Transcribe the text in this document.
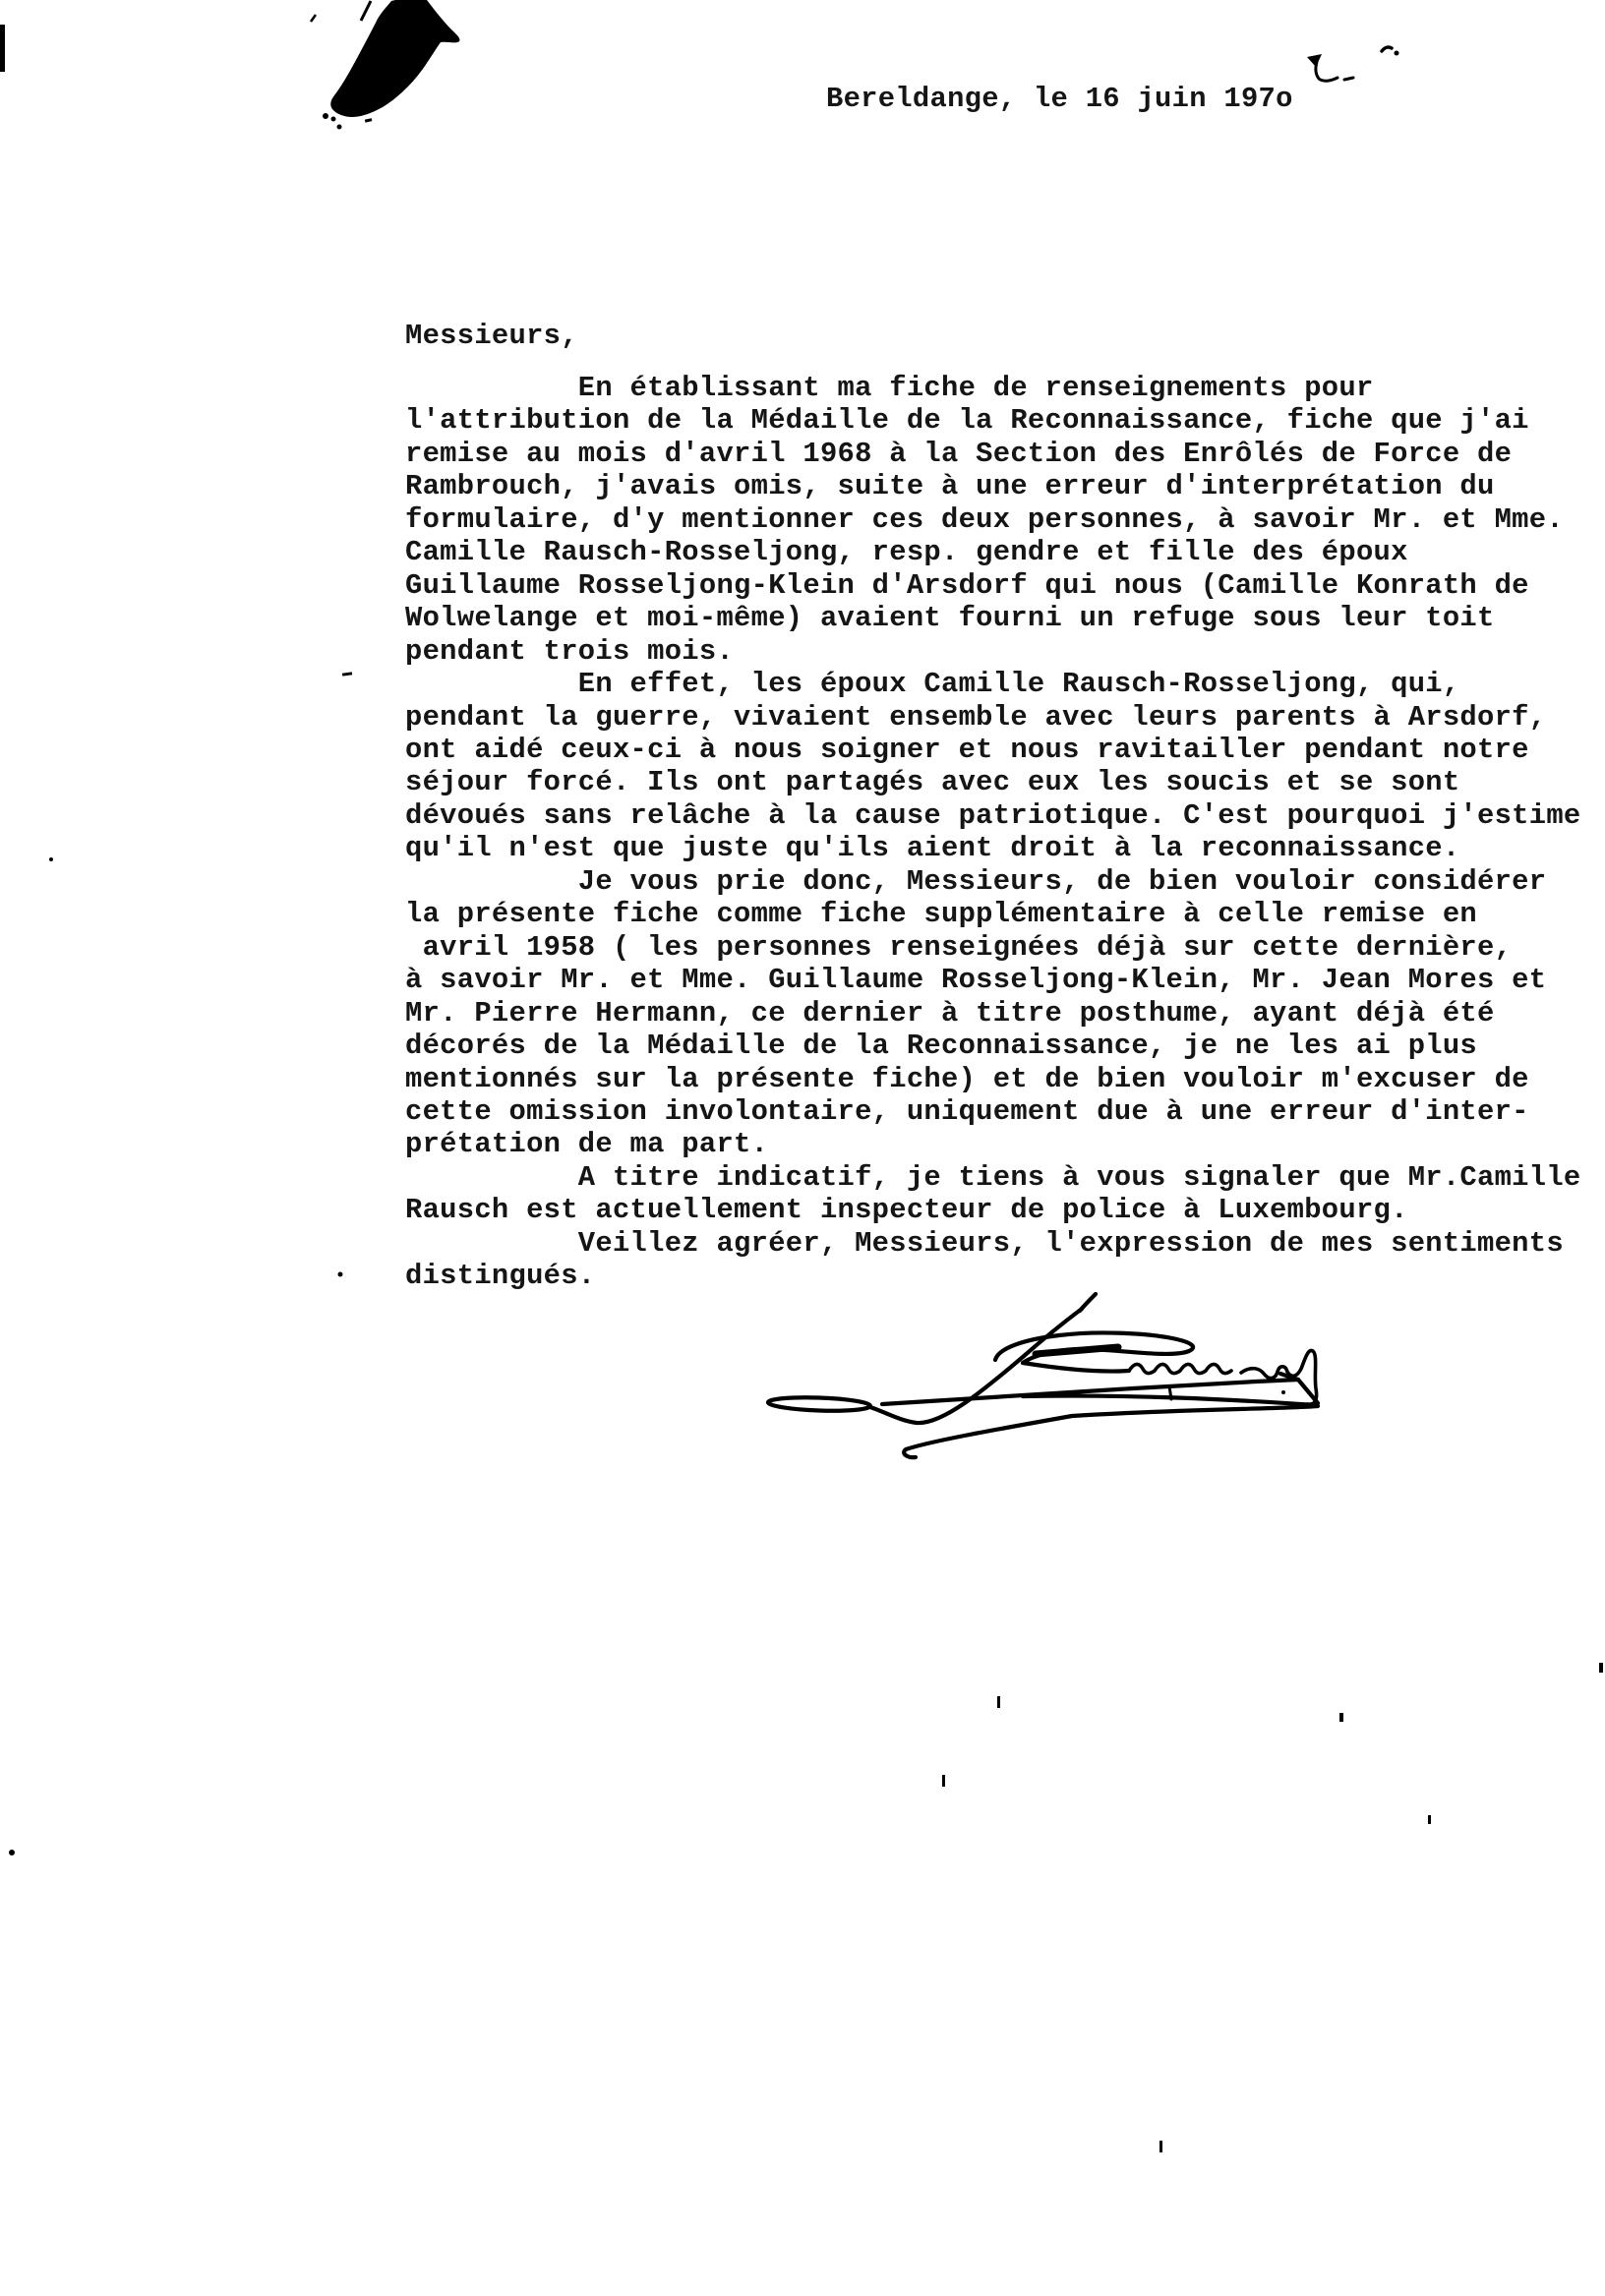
Bereldange, le 16 juin 197o
Messieurs,
En établissant ma fiche de renseignements pour
l'attribution de la Médaille de la Reconnaissance, fiche que j'ai
remise au mois d'avril 1968 à la Section des Enrôlés de Force de
Rambrouch, j'avais omis, suite à une erreur d'interprétation du
formulaire, d'y mentionner ces deux personnes, à savoir Mr. et Mme.
Camille Rausch-Rosseljong, resp. gendre et fille des époux
Guillaume Rosseljong-Klein d'Arsdorf qui nous (Camille Konrath de
Wolwelange et moi-même) avaient fourni un refuge sous leur toit
pendant trois mois.
En effet, les époux Camille Rausch-Rosseljong, qui,
pendant la guerre, vivaient ensemble avec leurs parents à Arsdorf,
ont aidé ceux-ci à nous soigner et nous ravitailler pendant notre
séjour forcé. Ils ont partagés avec eux les soucis et se sont
dévoués sans relâche à la cause patriotique. C'est pourquoi j'estime
qu'il n'est que juste qu'ils aient droit à la reconnaissance.
Je vous prie donc, Messieurs, de bien vouloir considérer
la présente fiche comme fiche supplémentaire à celle remise en
avril 1958 ( les personnes renseignées déjà sur cette dernière,
à savoir Mr. et Mme. Guillaume Rosseljong-Klein, Mr. Jean Mores et
Mr. Pierre Hermann, ce dernier à titre posthume, ayant déjà été
décorés de la Médaille de la Reconnaissance, je ne les ai plus
mentionnés sur la présente fiche) et de bien vouloir m'excuser de
cette omission involontaire, uniquement due à une erreur d'inter-
prétation de ma part.
A titre indicatif, je tiens à vous signaler que Mr.Camille
Rausch est actuellement inspecteur de police à Luxembourg.
Veillez agréer, Messieurs, l'expression de mes sentiments
distingués.
